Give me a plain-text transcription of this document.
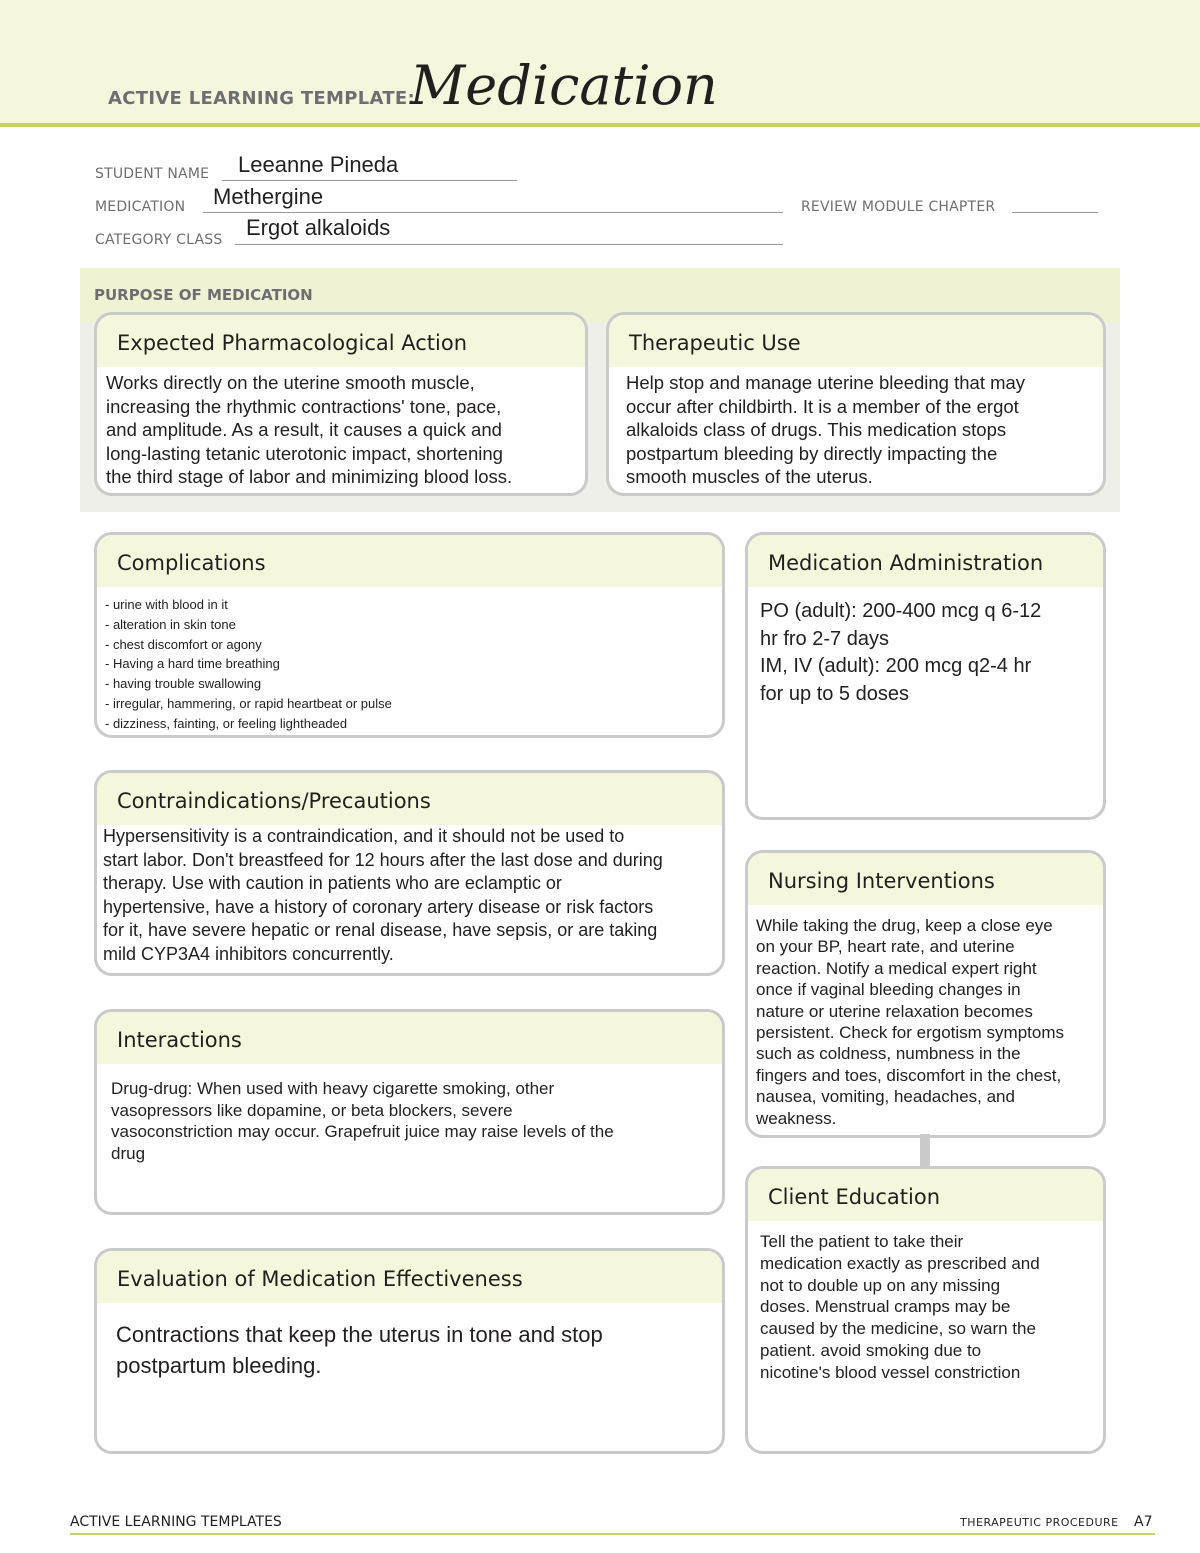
ACTIVE LEARNING TEMPLATE:
Medication
STUDENT NAME Leeanne Pineda
MEDICATION Methergine	REVIEW MODULE CHAPTER
CATEGORY CLASS Ergot alkaloids
PURPOSE OF MEDICATION
Expected Pharmacological Action
Works directly on the uterine smooth muscle,
increasing the rhythmic contractions' tone, pace,
and amplitude. As a result, it causes a quick and
long-lasting tetanic uterotonic impact, shortening
the third stage of labor and minimizing blood loss.
Therapeutic Use
Help stop and manage uterine bleeding that may
occur after childbirth. It is a member of the ergot
alkaloids class of drugs. This medication stops
postpartum bleeding by directly impacting the
smooth muscles of the uterus.
Complications
- urine with blood in it
- alteration in skin tone
- chest discomfort or agony
- Having a hard time breathing
- having trouble swallowing
- irregular, hammering, or rapid heartbeat or pulse
- dizziness, fainting, or feeling lightheaded
Medication Administration
PO (adult): 200-400 mcg q 6-12
hr fro 2-7 days
IM, IV (adult): 200 mcg q2-4 hr
for up to 5 doses
Contraindications/Precautions
Hypersensitivity is a contraindication, and it should not be used to
start labor. Don't breastfeed for 12 hours after the last dose and during
therapy. Use with caution in patients who are eclamptic or
hypertensive, have a history of coronary artery disease or risk factors
for it, have severe hepatic or renal disease, have sepsis, or are taking
mild CYP3A4 inhibitors concurrently.
Nursing Interventions
While taking the drug, keep a close eye
on your BP, heart rate, and uterine
reaction. Notify a medical expert right
once if vaginal bleeding changes in
nature or uterine relaxation becomes
persistent. Check for ergotism symptoms
such as coldness, numbness in the
fingers and toes, discomfort in the chest,
nausea, vomiting, headaches, and
weakness.
Interactions
Drug-drug: When used with heavy cigarette smoking, other
vasopressors like dopamine, or beta blockers, severe
vasoconstriction may occur. Grapefruit juice may raise levels of the
drug
Client Education
Tell the patient to take their
medication exactly as prescribed and
not to double up on any missing
doses. Menstrual cramps may be
caused by the medicine, so warn the
patient. avoid smoking due to
nicotine's blood vessel constriction
Evaluation of Medication Effectiveness
Contractions that keep the uterus in tone and stop
postpartum bleeding.
ACTIVE LEARNING TEMPLATES	THERAPEUTIC PROCEDURE A7
